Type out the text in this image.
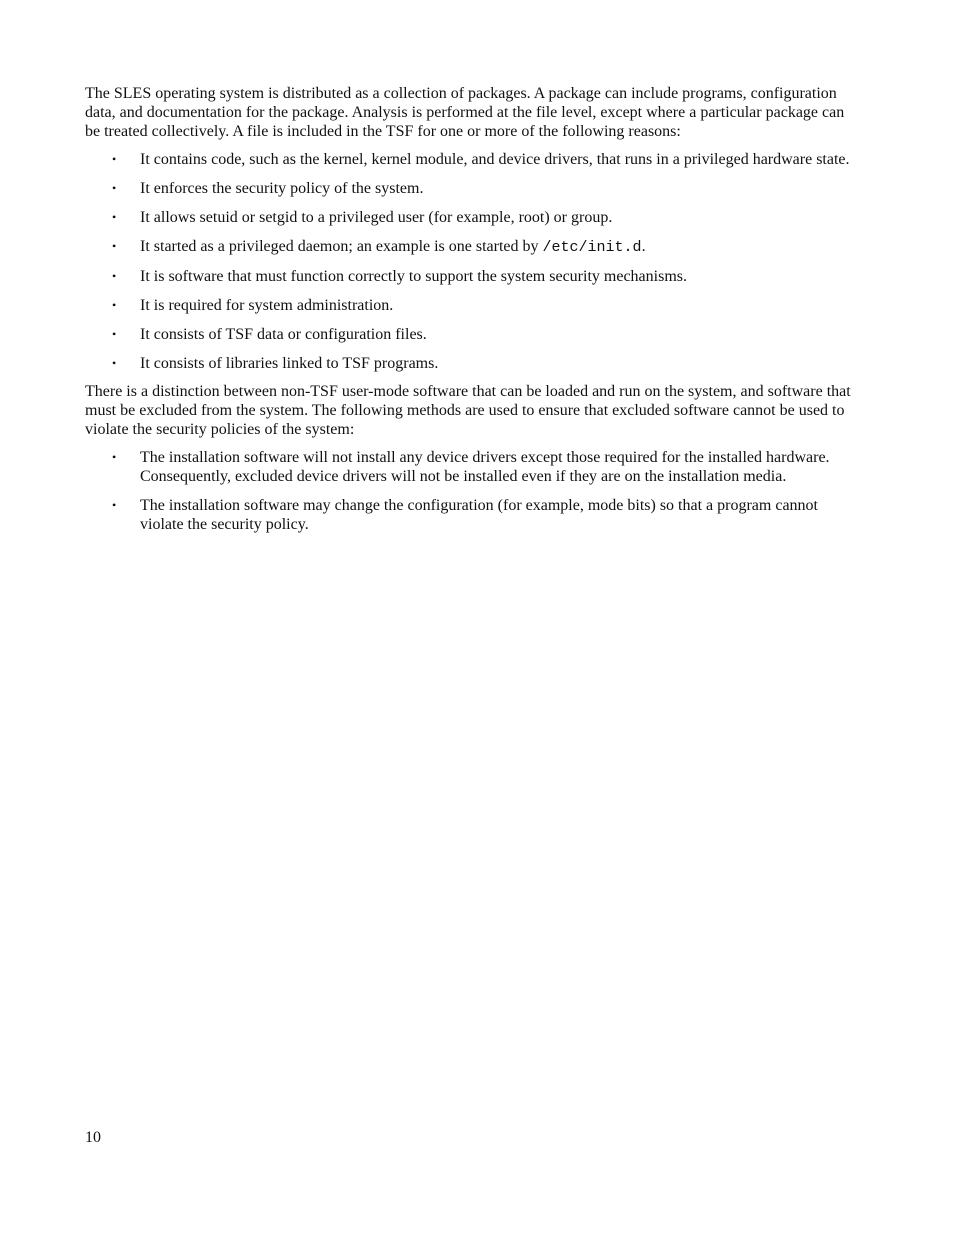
The SLES operating system is distributed as a collection of packages. A package can include programs, configuration data, and documentation for the package. Analysis is performed at the file level, except where a particular package can be treated collectively. A file is included in the TSF for one or more of the following reasons:

• It contains code, such as the kernel, kernel module, and device drivers, that runs in a privileged hardware state.
• It enforces the security policy of the system.
• It allows setuid or setgid to a privileged user (for example, root) or group.
• It started as a privileged daemon; an example is one started by /etc/init.d.
• It is software that must function correctly to support the system security mechanisms.
• It is required for system administration.
• It consists of TSF data or configuration files.
• It consists of libraries linked to TSF programs.

There is a distinction between non-TSF user-mode software that can be loaded and run on the system, and software that must be excluded from the system. The following methods are used to ensure that excluded software cannot be used to violate the security policies of the system:

• The installation software will not install any device drivers except those required for the installed hardware. Consequently, excluded device drivers will not be installed even if they are on the installation media.
• The installation software may change the configuration (for example, mode bits) so that a program cannot violate the security policy.
10
